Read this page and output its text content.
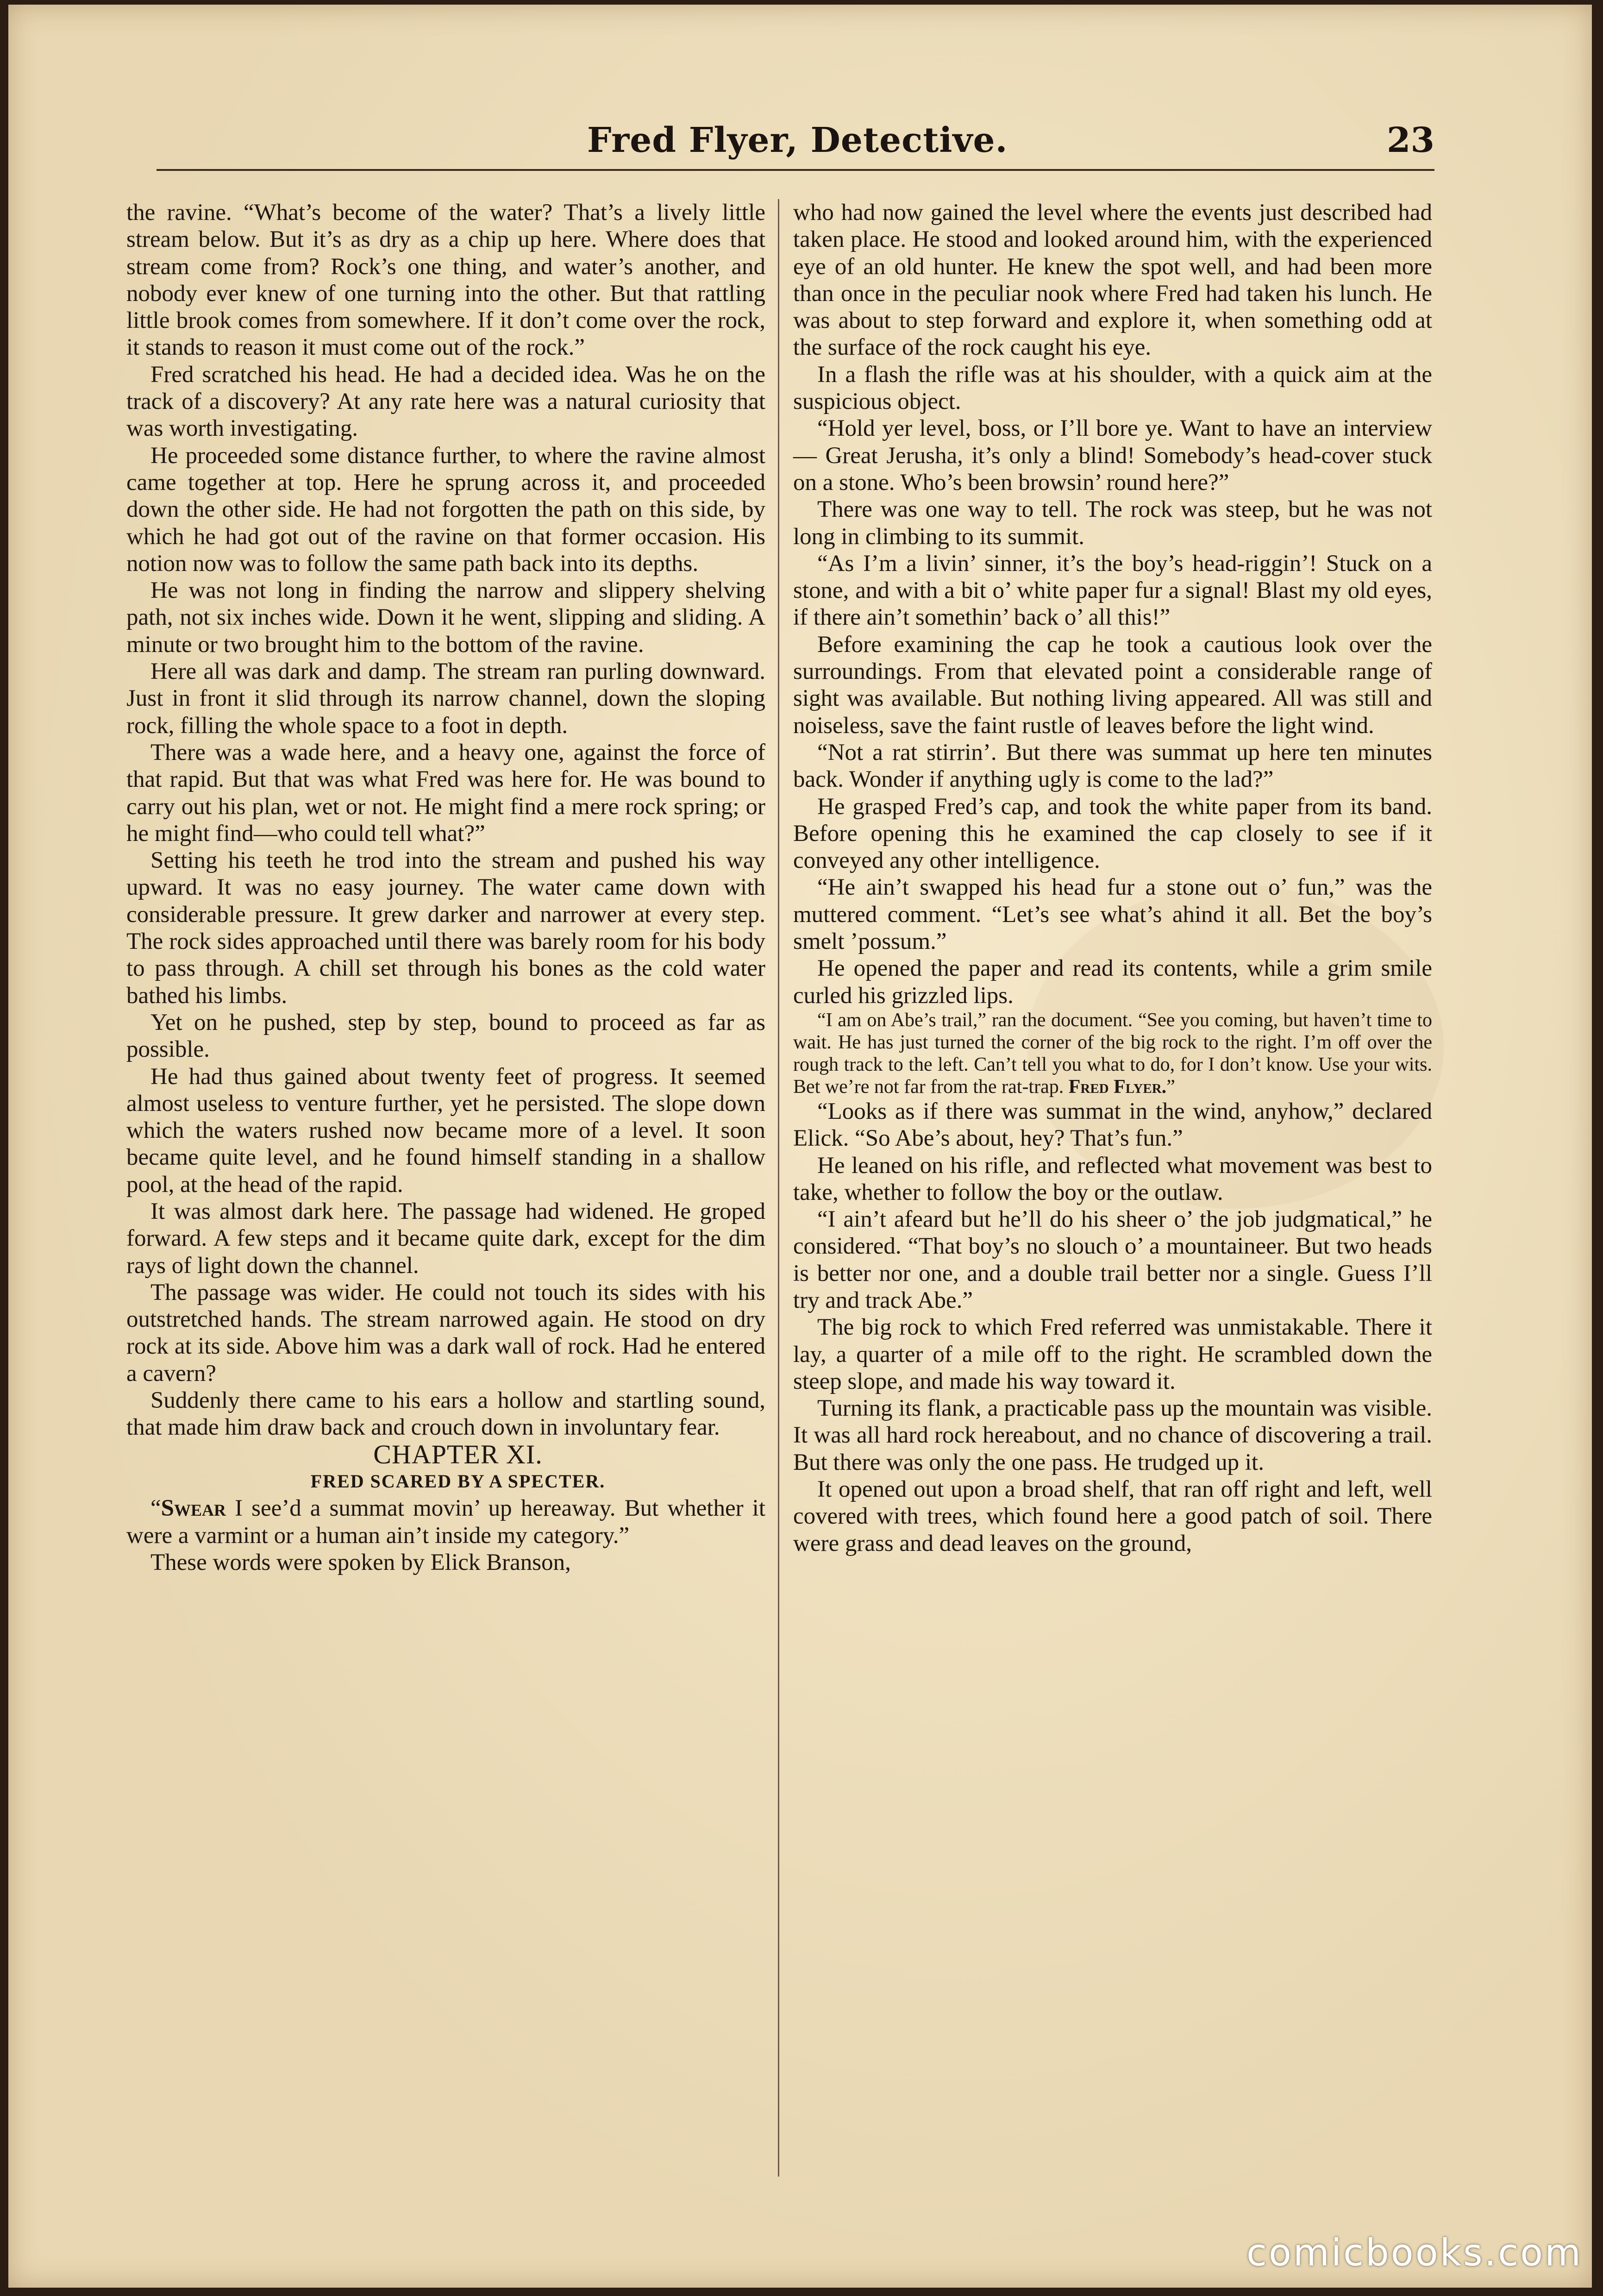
Fred Flyer, Detective.	23

the ravine. “What’s become of the water? That’s a lively little stream below. But it’s as dry as a chip up here. Where does that stream come from? Rock’s one thing, and water’s another, and nobody ever knew of one turning into the other. But that rattling little brook comes from somewhere. If it don’t come over the rock, it stands to reason it must come out of the rock.”

Fred scratched his head. He had a decided idea. Was he on the track of a discovery? At any rate here was a natural curiosity that was worth investigating.

He proceeded some distance further, to where the ravine almost came together at top. Here he sprung across it, and proceeded down the other side. He had not forgotten the path on this side, by which he had got out of the ravine on that former occasion. His notion now was to follow the same path back into its depths.

He was not long in finding the narrow and slippery shelving path, not six inches wide. Down it he went, slipping and sliding. A minute or two brought him to the bottom of the ravine.

Here all was dark and damp. The stream ran purling downward. Just in front it slid through its narrow channel, down the sloping rock, filling the whole space to a foot in depth.

There was a wade here, and a heavy one, against the force of that rapid. But that was what Fred was here for. He was bound to carry out his plan, wet or not. He might find a mere rock spring; or he might find—who could tell what?”

Setting his teeth he trod into the stream and pushed his way upward. It was no easy journey. The water came down with considerable pressure. It grew darker and narrower at every step. The rock sides approached until there was barely room for his body to pass through. A chill set through his bones as the cold water bathed his limbs.

Yet on he pushed, step by step, bound to proceed as far as possible.

He had thus gained about twenty feet of progress. It seemed almost useless to venture further, yet he persisted. The slope down which the waters rushed now became more of a level. It soon became quite level, and he found himself standing in a shallow pool, at the head of the rapid.

It was almost dark here. The passage had widened. He groped forward. A few steps and it became quite dark, except for the dim rays of light down the channel.

The passage was wider. He could not touch its sides with his outstretched hands. The stream narrowed again. He stood on dry rock at its side. Above him was a dark wall of rock. Had he entered a cavern?

Suddenly there came to his ears a hollow and startling sound, that made him draw back and crouch down in involuntary fear.

CHAPTER XI.

FRED SCARED BY A SPECTER.

“Swear I see’d a summat movin’ up hereaway. But whether it were a varmint or a human ain’t inside my category.”

These words were spoken by Elick Branson,

who had now gained the level where the events just described had taken place. He stood and looked around him, with the experienced eye of an old hunter. He knew the spot well, and had been more than once in the peculiar nook where Fred had taken his lunch. He was about to step forward and explore it, when something odd at the surface of the rock caught his eye.

In a flash the rifle was at his shoulder, with a quick aim at the suspicious object.

“Hold yer level, boss, or I’ll bore ye. Want to have an interview— Great Jerusha, it’s only a blind! Somebody’s head-cover stuck on a stone. Who’s been browsin’ round here?”

There was one way to tell. The rock was steep, but he was not long in climbing to its summit.

“As I’m a livin’ sinner, it’s the boy’s head-riggin’! Stuck on a stone, and with a bit o’ white paper fur a signal! Blast my old eyes, if there ain’t somethin’ back o’ all this!”

Before examining the cap he took a cautious look over the surroundings. From that elevated point a considerable range of sight was available. But nothing living appeared. All was still and noiseless, save the faint rustle of leaves before the light wind.

“Not a rat stirrin’. But there was summat up here ten minutes back. Wonder if anything ugly is come to the lad?”

He grasped Fred’s cap, and took the white paper from its band. Before opening this he examined the cap closely to see if it conveyed any other intelligence.

“He ain’t swapped his head fur a stone out o’ fun,” was the muttered comment. “Let’s see what’s ahind it all. Bet the boy’s smelt ’possum.”

He opened the paper and read its contents, while a grim smile curled his grizzled lips.

“I am on Abe’s trail,” ran the document. “See you coming, but haven’t time to wait. He has just turned the corner of the big rock to the right. I’m off over the rough track to the left. Can’t tell you what to do, for I don’t know. Use your wits. Bet we’re not far from the rat-trap. Fred Flyer.”

“Looks as if there was summat in the wind, anyhow,” declared Elick. “So Abe’s about, hey? That’s fun.”

He leaned on his rifle, and reflected what movement was best to take, whether to follow the boy or the outlaw.

“I ain’t afeard but he’ll do his sheer o’ the job judgmatical,” he considered. “That boy’s no slouch o’ a mountaineer. But two heads is better nor one, and a double trail better nor a single. Guess I’ll try and track Abe.”

The big rock to which Fred referred was unmistakable. There it lay, a quarter of a mile off to the right. He scrambled down the steep slope, and made his way toward it.

Turning its flank, a practicable pass up the mountain was visible. It was all hard rock hereabout, and no chance of discovering a trail. But there was only the one pass. He trudged up it.

It opened out upon a broad shelf, that ran off right and left, well covered with trees, which found here a good patch of soil. There were grass and dead leaves on the ground,

comicbooks.com
